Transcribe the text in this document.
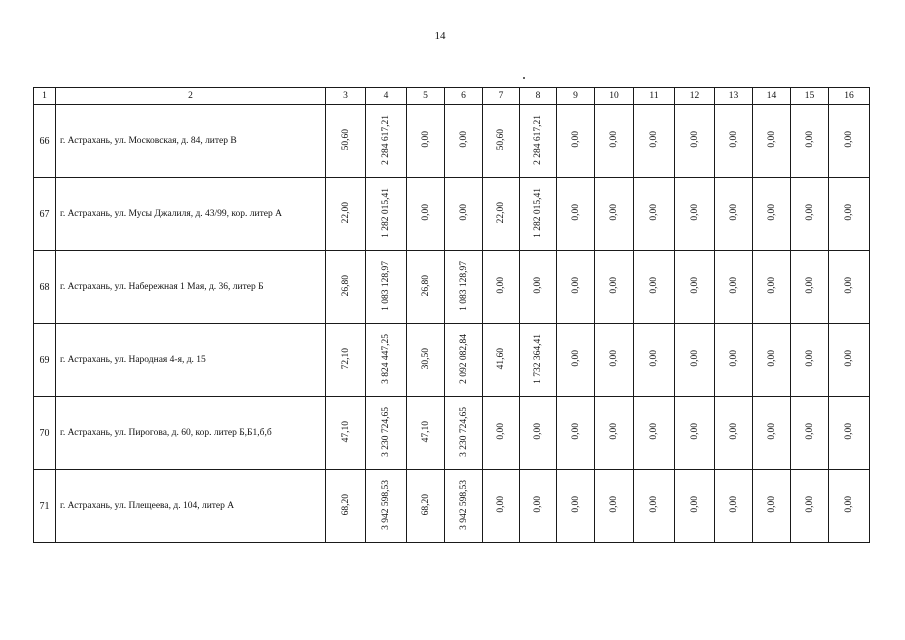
14
1	2	3	4	5	6	7	8	9	10	11	12	13	14	15	16
66	г. Астрахань, ул. Московская, д. 84, литер В	50,60	2 284 617,21	0,00	0,00	50,60	2 284 617,21	0,00	0,00	0,00	0,00	0,00	0,00	0,00	0,00
67	г. Астрахань, ул. Мусы Джалиля, д. 43/99, кор. литер А	22,00	1 282 015,41	0,00	0,00	22,00	1 282 015,41	0,00	0,00	0,00	0,00	0,00	0,00	0,00	0,00
68	г. Астрахань, ул. Набережная 1 Мая, д. 36, литер Б	26,80	1 083 128,97	26,80	1 083 128,97	0,00	0,00	0,00	0,00	0,00	0,00	0,00	0,00	0,00	0,00
69	г. Астрахань, ул. Народная 4-я, д. 15	72,10	3 824 447,25	30,50	2 092 082,84	41,60	1 732 364,41	0,00	0,00	0,00	0,00	0,00	0,00	0,00	0,00
70	г. Астрахань, ул. Пирогова, д. 60, кор. литер Б,Б1,б,б	47,10	3 230 724,65	47,10	3 230 724,65	0,00	0,00	0,00	0,00	0,00	0,00	0,00	0,00	0,00	0,00
71	г. Астрахань, ул. Плещеева, д. 104, литер А	68,20	3 942 598,53	68,20	3 942 598,53	0,00	0,00	0,00	0,00	0,00	0,00	0,00	0,00	0,00	0,00
